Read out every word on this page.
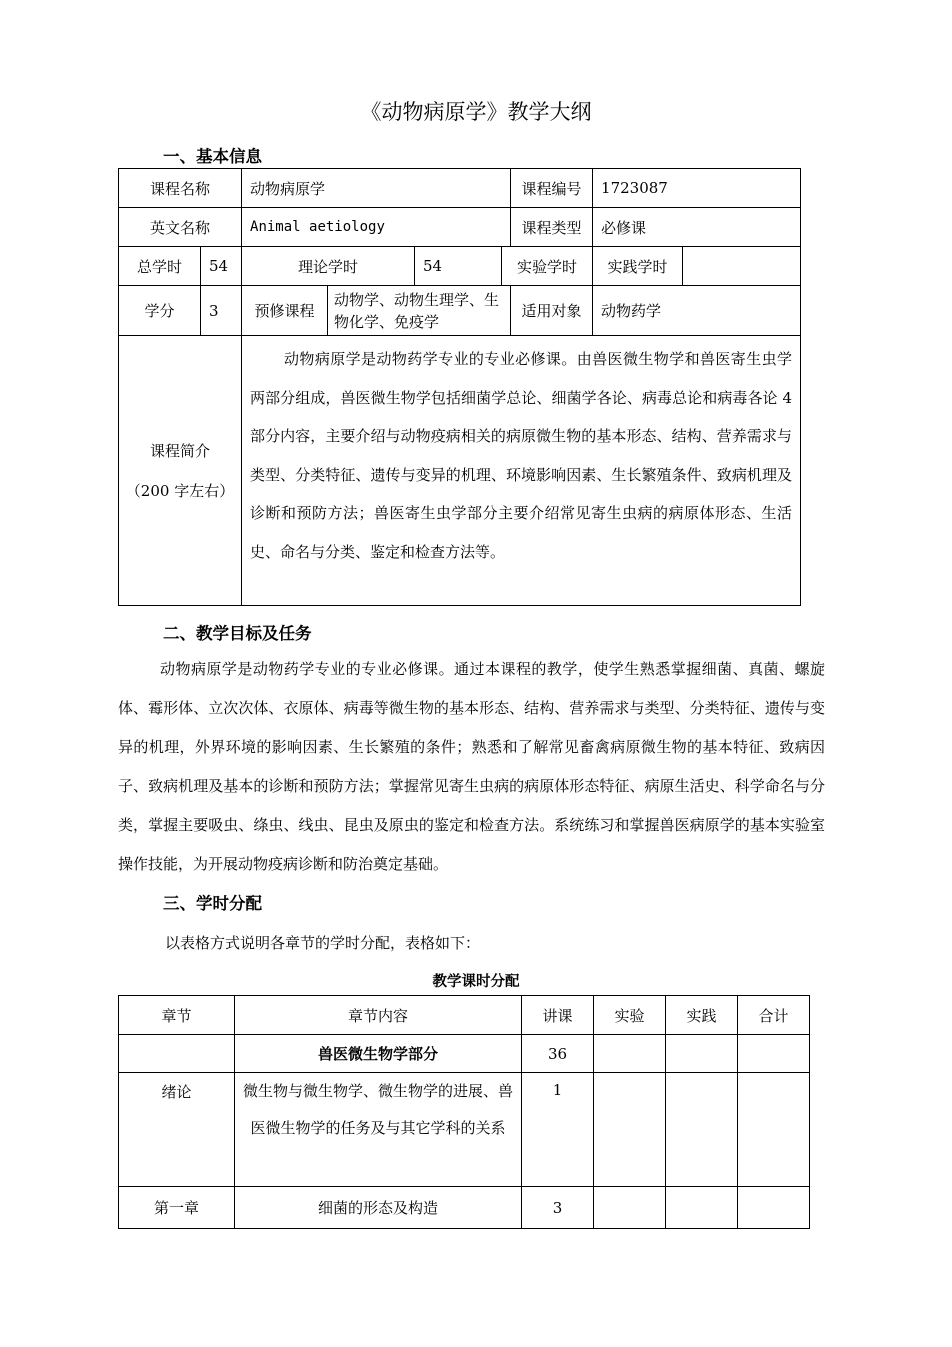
《动物病原学》教学大纲
一、基本信息
课程名称		动物病原学				课程编号	1723087	
英文名称		Animal aetiology				课程类型	必修课	
总学时	54	理论学时		54	实验学时		实践学时	
学分	3	预修课程	动物学、动物生理学、生物化学、免疫学			适用对象	动物药学	

课程简介
（200 字左右）		动物病原学是动物药学专业的专业必修课。由兽医微生物学和兽医寄生虫学两部分组成，兽医微生物学包括细菌学总论、细菌学各论、病毒总论和病毒各论 4 部分内容，主要介绍与动物疫病相关的病原微生物的基本形态、结构、营养需求与类型、分类特征、遗传与变异的机理、环境影响因素、生长繁殖条件、致病机理及诊断和预防方法；兽医寄生虫学部分主要介绍常见寄生虫病的病原体形态、生活史、命名与分类、鉴定和检查方法等。						
二、教学目标及任务
动物病原学是动物药学专业的专业必修课。通过本课程的教学，使学生熟悉掌握细菌、真菌、螺旋体、霉形体、立次次体、衣原体、病毒等微生物的基本形态、结构、营养需求与类型、分类特征、遗传与变异的机理，外界环境的影响因素、生长繁殖的条件；熟悉和了解常见畜禽病原微生物的基本特征、致病因子、致病机理及基本的诊断和预防方法；掌握常见寄生虫病的病原体形态特征、病原生活史、科学命名与分类，掌握主要吸虫、绦虫、线虫、昆虫及原虫的鉴定和检查方法。系统练习和掌握兽医病原学的基本实验室操作技能，为开展动物疫病诊断和防治奠定基础。
三、学时分配
以表格方式说明各章节的学时分配，表格如下：
教学课时分配
章节	章节内容	讲课	实验	实践	合计
	兽医微生物学部分	36			
绪论	微生物与微生物学、微生物学的进展、兽医微生物学的任务及与其它学科的关系	1			
第一章	细菌的形态及构造	3			
